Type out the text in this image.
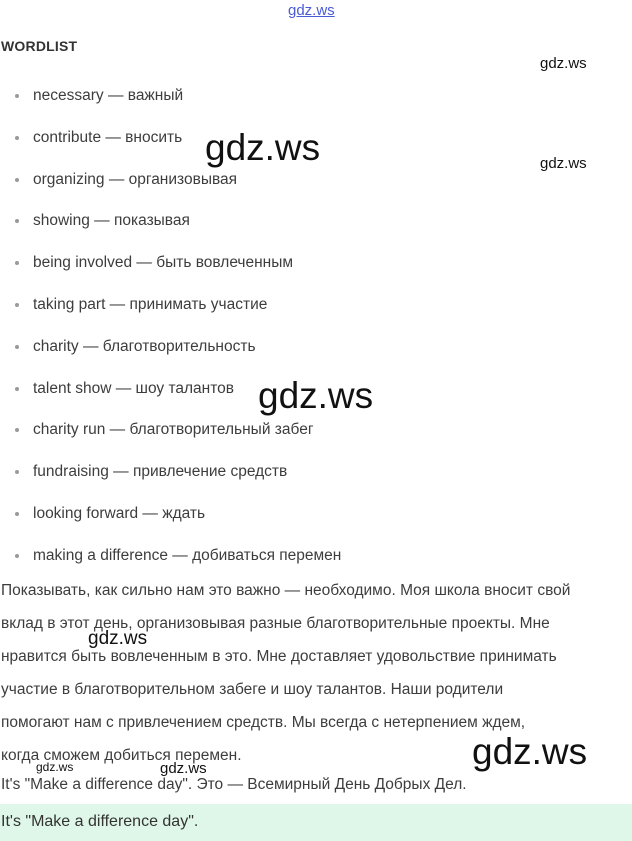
gdz.ws
WORDLIST
necessary — важный
contribute — вносить
organizing — организовывая
showing — показывая
being involved — быть вовлеченным
taking part — принимать участие
charity — благотворительность
talent show — шоу талантов
charity run — благотворительный забег
fundraising — привлечение средств
looking forward — ждать
making a difference — добиваться перемен
Показывать, как сильно нам это важно — необходимо. Моя школа вносит свой
вклад в этот день, организовывая разные благотворительные проекты. Мне
нравится быть вовлеченным в это. Мне доставляет удовольствие принимать
участие в благотворительном забеге и шоу талантов. Наши родители
помогают нам с привлечением средств. Мы всегда с нетерпением ждем,
когда сможем добиться перемен.
It's "Make a difference day". Это — Всемирный День Добрых Дел.
It's "Make a difference day".
gdz.ws
gdz.ws
gdz.ws
gdz.ws
gdz.ws
gdz.ws
gdz.ws	gdz.ws
